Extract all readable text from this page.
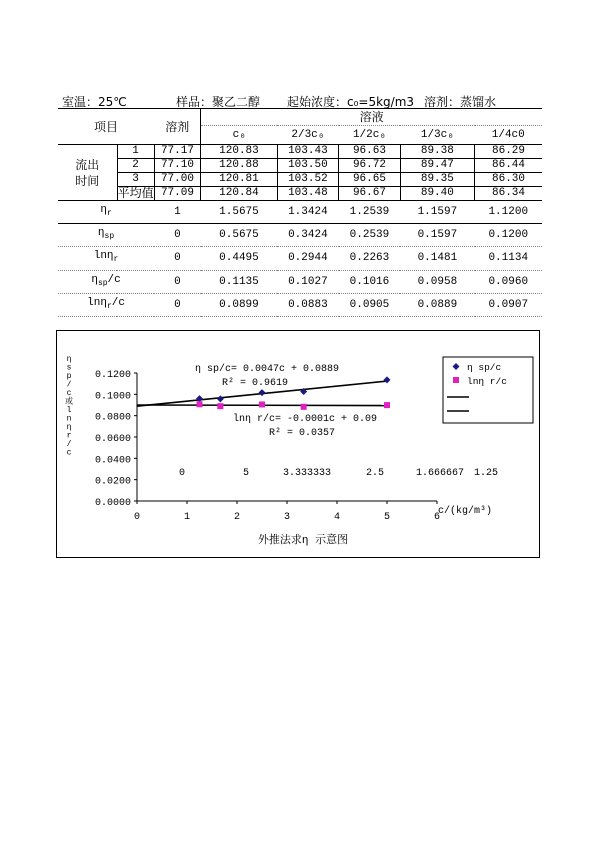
室温：25℃	样品：聚乙二醇 起始浓度：c₀=5kg/m3 溶剂：蒸馏水
项目		溶剂	溶液				
			c₀	2/3c₀	1/2c₀	1/3c₀	1/4c0
流出
时间	1	77.17	120.83	103.43	96.63	89.38	86.29
	2	77.10	120.88	103.50	96.72	89.47	86.44
	3	77.00	120.81	103.52	96.65	89.35	86.30
	平均值	77.09	120.84	103.48	96.67	89.40	86.34
$\eta_r$		1	1.5675	1.3424	1.2539	1.1597	1.1200
$\eta_{sp}$		0	0.5675	0.3424	0.2539	0.1597	0.1200
lnη$_r$		0	0.4495	0.2944	0.2263	0.1481	0.1134
$\eta_{sp}/c$		0	0.1135	0.1027	0.1016	0.0958	0.0960
lnη$_r$/c		0	0.0899	0.0883	0.0905	0.0889	0.0907
0.0000
0.0200
0.0400
0.0600
0.0800
0.1000
0.1200
0	1	2	3	4	5	6
η sp/c= 0.0047c + 0.0889
R² = 0.9619
lnη r/c= -0.0001c + 0.09
R² = 0.0357
0	5	3.333333	2.5	1.666667 1.25
c/(kg/m³)
外推法求η 示意图
η
s
p
/
c
或
l
n
η
r
/
c
η sp/c
lnη r/c
